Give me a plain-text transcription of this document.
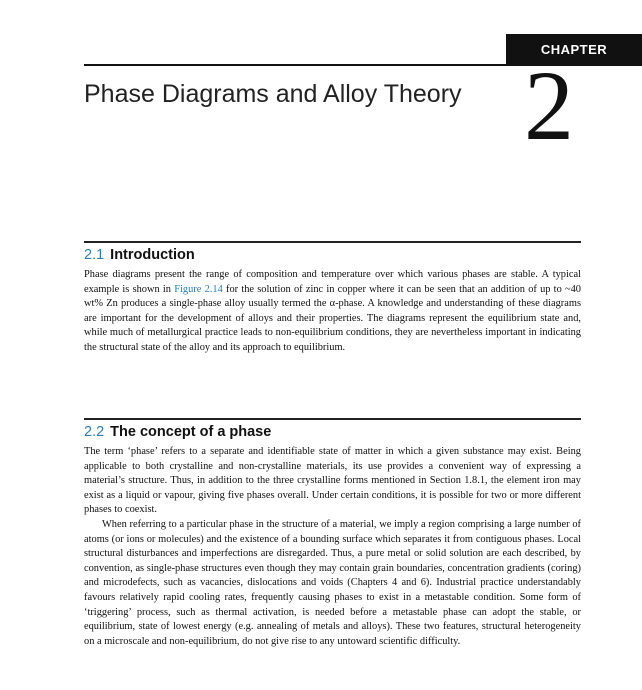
CHAPTER
Phase Diagrams and Alloy Theory 2
2.1 Introduction

Phase diagrams present the range of composition and temperature over which various phases are stable. A typical example is shown in Figure 2.14 for the solution of zinc in copper where it can be seen that an addition of up to ~40 wt% Zn produces a single-phase alloy usually termed the α-phase. A knowledge and understanding of these diagrams are important for the development of alloys and their properties. The diagrams represent the equilibrium state and, while much of metallurgical practice leads to non-equilibrium conditions, they are nevertheless important in indicating the structural state of the alloy and its approach to equilibrium.

2.2 The concept of a phase

The term ‘phase’ refers to a separate and identifiable state of matter in which a given substance may exist. Being applicable to both crystalline and non-crystalline materials, its use provides a convenient way of expressing a material’s structure. Thus, in addition to the three crystalline forms mentioned in Section 1.8.1, the element iron may exist as a liquid or vapour, giving five phases overall. Under certain conditions, it is possible for two or more different phases to coexist.

When referring to a particular phase in the structure of a material, we imply a region comprising a large number of atoms (or ions or molecules) and the existence of a bounding surface which separates it from contiguous phases. Local structural disturbances and imperfections are disregarded. Thus, a pure metal or solid solution are each described, by convention, as single-phase structures even though they may contain grain boundaries, concentration gradients (coring) and microdefects, such as vacancies, dislocations and voids (Chapters 4 and 6). Industrial practice understandably favours relatively rapid cooling rates, frequently causing phases to exist in a metastable condition. Some form of ‘triggering’ process, such as thermal activation, is needed before a metastable phase can adopt the stable, or equilibrium, state of lowest energy (e.g. annealing of metals and alloys). These two features, structural heterogeneity on a microscale and non-equilibrium, do not give rise to any untoward scientific difficulty.
